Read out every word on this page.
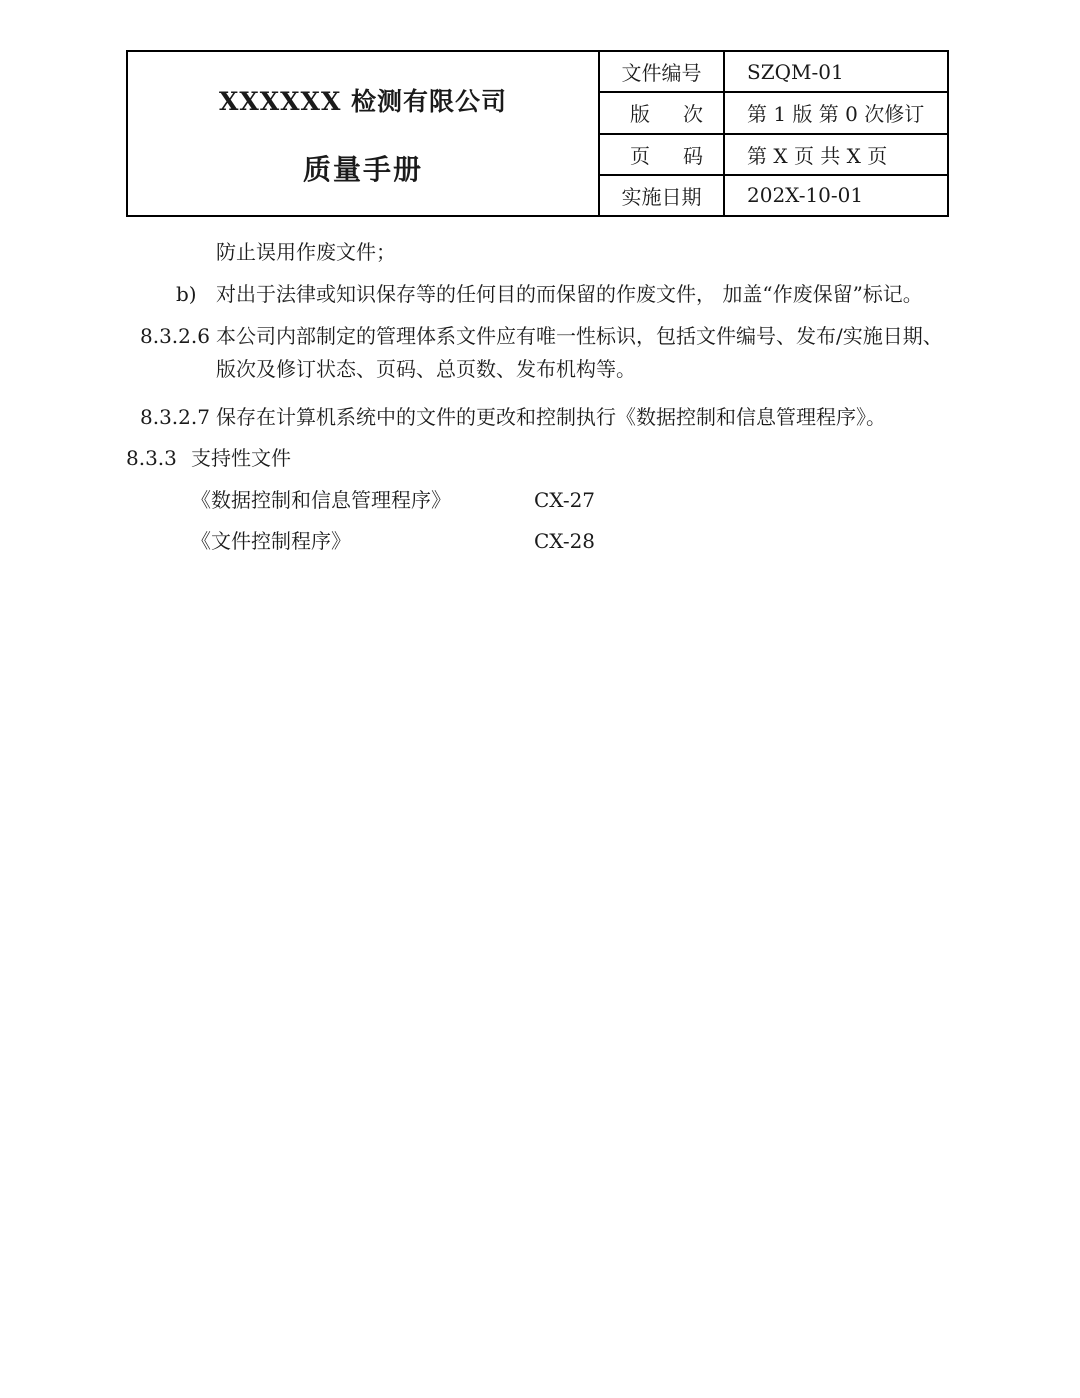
XXXXXX 检测有限公司
质量手册
文件编号	SZQM-01
版 次	第 1 版 第 0 次修订
页 码	第 X 页 共 X 页
实施日期	202X-10-01
防止误用作废文件；
b) 对出于法律或知识保存等的任何目的而保留的作废文件， 加盖“作废保留”标记。
8.3.2.6 本公司内部制定的管理体系文件应有唯一性标识，包括文件编号、发布/实施日期、
版次及修订状态、页码、总页数、发布机构等。
8.3.2.7 保存在计算机系统中的文件的更改和控制执行《数据控制和信息管理程序》。
8.3.3 支持性文件
《数据控制和信息管理程序》	CX-27
《文件控制程序》	CX-28
